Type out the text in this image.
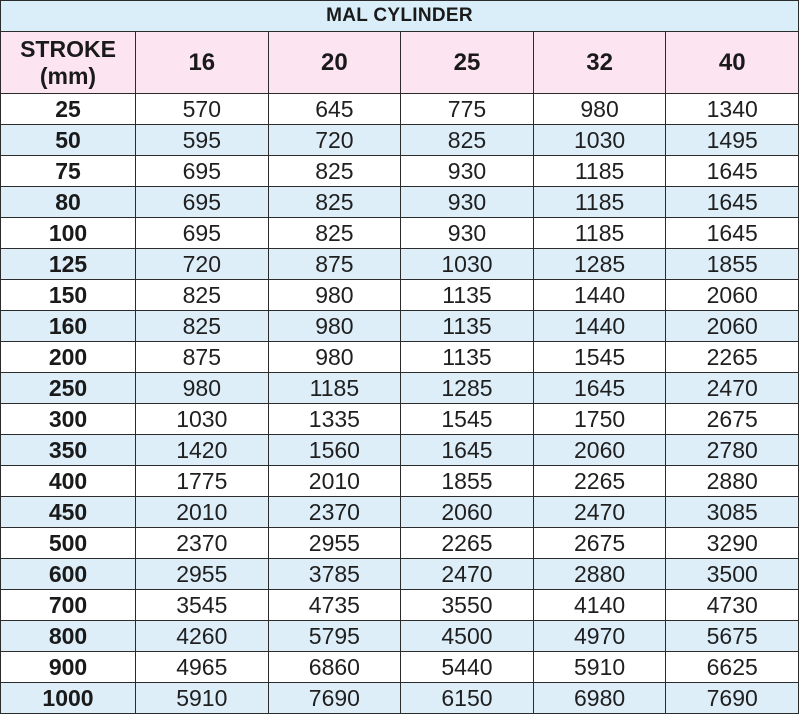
MAL CYLINDER					
STROKE
(mm)	16	20	25	32	40
25	570	645	775	980	1340
50	595	720	825	1030	1495
75	695	825	930	1185	1645
80	695	825	930	1185	1645
100	695	825	930	1185	1645
125	720	875	1030	1285	1855
150	825	980	1135	1440	2060
160	825	980	1135	1440	2060
200	875	980	1135	1545	2265
250	980	1185	1285	1645	2470
300	1030	1335	1545	1750	2675
350	1420	1560	1645	2060	2780
400	1775	2010	1855	2265	2880
450	2010	2370	2060	2470	3085
500	2370	2955	2265	2675	3290
600	2955	3785	2470	2880	3500
700	3545	4735	3550	4140	4730
800	4260	5795	4500	4970	5675
900	4965	6860	5440	5910	6625
1000	5910	7690	6150	6980	7690
